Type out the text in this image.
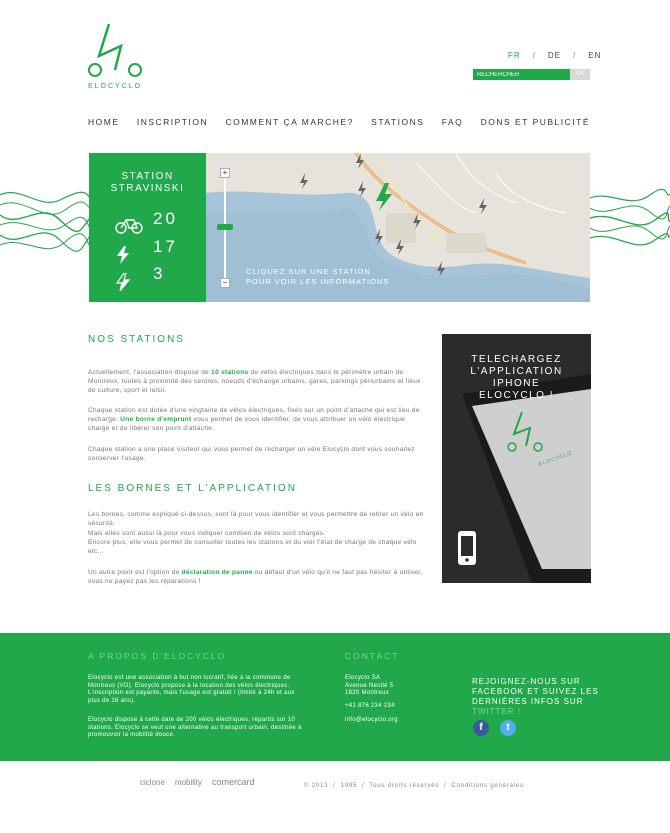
ELOCYCLO
FR / DE / EN
RECHERCHER
OK
HOME INSCRIPTION COMMENT ÇA MARCHE? STATIONS FAQ DONS ET PUBLICITÉ
STATION
STRAVINSKI
20
17
3
+
−
CLIQUEZ SUR UNE STATION
POUR VOIR LES INFORMATIONS
NOS STATIONS
Actuellement, l'association dispose de 10 stations de vélos électriques dans le périmètre urbain de Montreux, toutes à proximité des centres, noeuds d'échange urbains, gares, parkings périurbains et lieux de culture, sport et loisir.
Chaque station est dotée d'une vingtaine de vélos électriques, fixés sur un point d'attache qui est lieu de recharge. Une borne d'emprunt vous permet de vous identifier, de vous attribuer un vélo électrique chargé et de libérer son point d'attache.
Chaque station a une place visiteur qui vous permet de recharger un vélo Elocyclo dont vous souhaitez conserver l'usage.
LES BORNES ET L'APPLICATION
Les bornes, comme expliqué ci-dessus, sont là pour vous identifier et vous permettre de retirer un vélo en sécurité.
Mais elles sont aussi là pour vous indiquer combien de vélos sont chargés.
Encore plus, elle vous permet de consulter toutes les stations et du voir l'état de charge de chaque vélo etc...
Un autre point est l'option de déclaration de panne ou défaut d'un vélo qu'il ne faut pas hésiter à utiliser, vous ne payez pas les réparations !
TELECHARGEZ
L'APPLICATION
IPHONE
ELOCYCLO !
ELOCYCLO
A PROPOS D'ELOCYCLO
Elocyclo est une association à but non lucratif, liée à la commune de Montreux (VD). Elocyclo propose à la location des vélos électriques. L'inscription est payante, mais l'usage est gratuit ! (limité à 24h et aux plus de 16 ans).
Elocyclo dispose à cette date de 200 vélos électriques, répartis sur 10 stations. Elocyclo se veut une alternative au transport urbain, destinée à promouvoir la mobilité douce.
CONTACT
Elocyclo SA
Avenue Nestlé 5
1820 Montreux
+41 876 234 234
info@elocyclo.org
REJOIGNEZ-NOUS SUR
FACEBOOK ET SUIVEZ LES
DERNIÈRES INFOS SUR
TWITTER !
f	t
ciclone mobility comercard	© 2013  /  1995  /  Tous droits réservés  /  Conditions générales
